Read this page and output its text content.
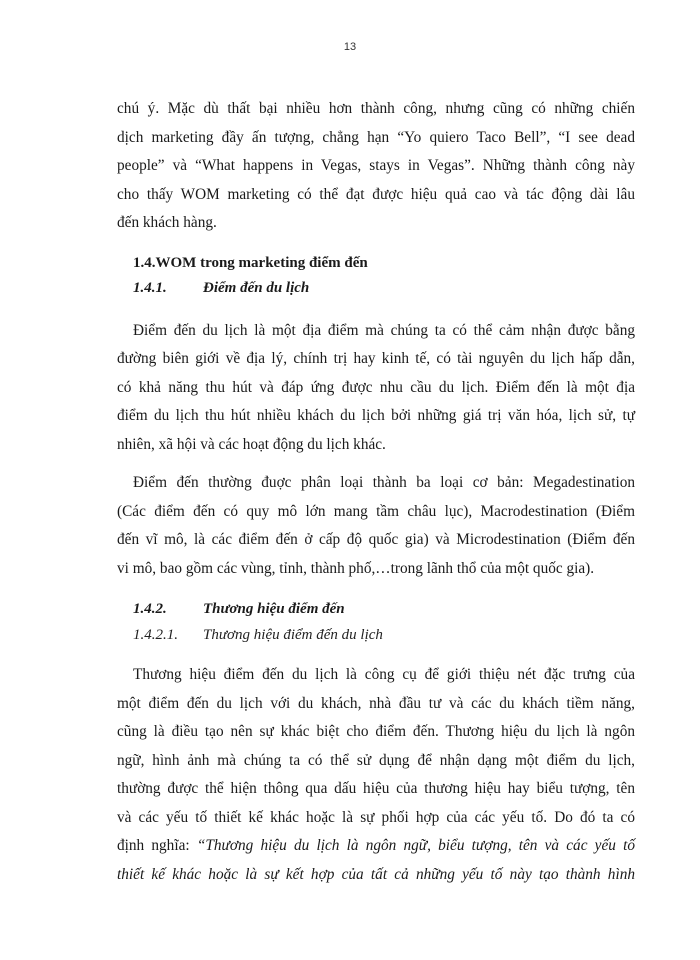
13

chú ý. Mặc dù thất bại nhiều hơn thành công, nhưng cũng có những chiến
dịch marketing đầy ấn tượng, chẳng hạn “Yo quiero Taco Bell”, “I see dead
people” và “What happens in Vegas, stays in Vegas”. Những thành công này
cho thấy WOM marketing có thể đạt được hiệu quả cao và tác động dài lâu
đến khách hàng.

1.4.WOM trong marketing điểm đến

1.4.1. Điểm đến du lịch

Điểm đến du lịch là một địa điểm mà chúng ta có thể cảm nhận được bằng
đường biên giới về địa lý, chính trị hay kinh tế, có tài nguyên du lịch hấp dẫn,
có khả năng thu hút và đáp ứng được nhu cầu du lịch. Điểm đến là một địa
điểm du lịch thu hút nhiều khách du lịch bởi những giá trị văn hóa, lịch sử, tự
nhiên, xã hội và các hoạt động du lịch khác.

Điểm đến thường đuợc phân loại thành ba loại cơ bản: Megadestination
(Các điểm đến có quy mô lớn mang tầm châu lục), Macrodestination (Điểm
đến vĩ mô, là các điểm đến ở cấp độ quốc gia) và Microdestination (Điểm đến
vi mô, bao gồm các vùng, tỉnh, thành phố,…trong lãnh thổ của một quốc gia).

1.4.2. Thương hiệu điểm đến

1.4.2.1. Thương hiệu điểm đến du lịch

Thương hiệu điểm đến du lịch là công cụ để giới thiệu nét đặc trưng của
một điểm đến du lịch với du khách, nhà đầu tư và các du khách tiềm năng,
cũng là điều tạo nên sự khác biệt cho điểm đến. Thương hiệu du lịch là ngôn
ngữ, hình ảnh mà chúng ta có thể sử dụng để nhận dạng một điểm du lịch,
thường được thể hiện thông qua dấu hiệu của thương hiệu hay biểu tượng, tên
và các yếu tố thiết kế khác hoặc là sự phối hợp của các yếu tố. Do đó ta có
định nghĩa: “Thương hiệu du lịch là ngôn ngữ, biểu tượng, tên và các yếu tố
thiết kế khác hoặc là sự kết hợp của tất cả những yếu tố này tạo thành hình
